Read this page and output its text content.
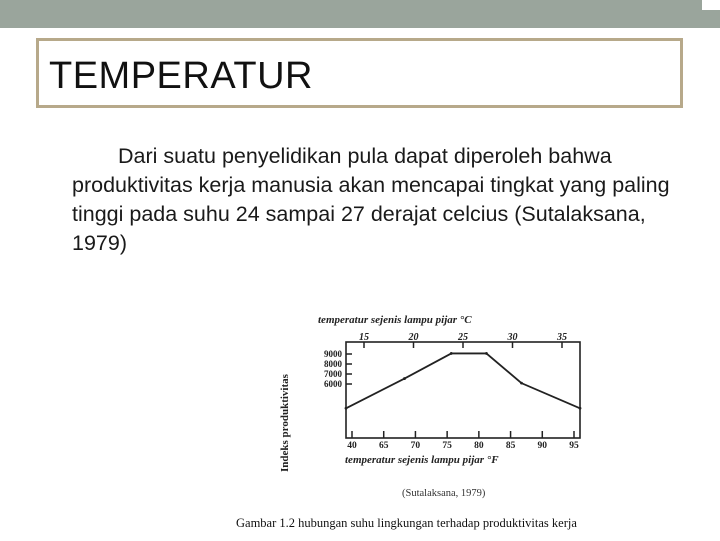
TEMPERATUR
Dari suatu penyelidikan pula dapat diperoleh bahwa produktivitas kerja manusia akan mencapai tingkat yang paling tinggi pada suhu 24 sampai 27 derajat celcius (Sutalaksana, 1979)
temperatur sejenis lampu pijar °C
Indeks produktivitas
15	20	25	30	35
40 65 70 75 80 85 90 95
9000
8000
7000
6000
temperatur sejenis lampu pijar °F
(Sutalaksana, 1979)
Gambar 1.2 hubungan suhu lingkungan terhadap produktivitas kerja
